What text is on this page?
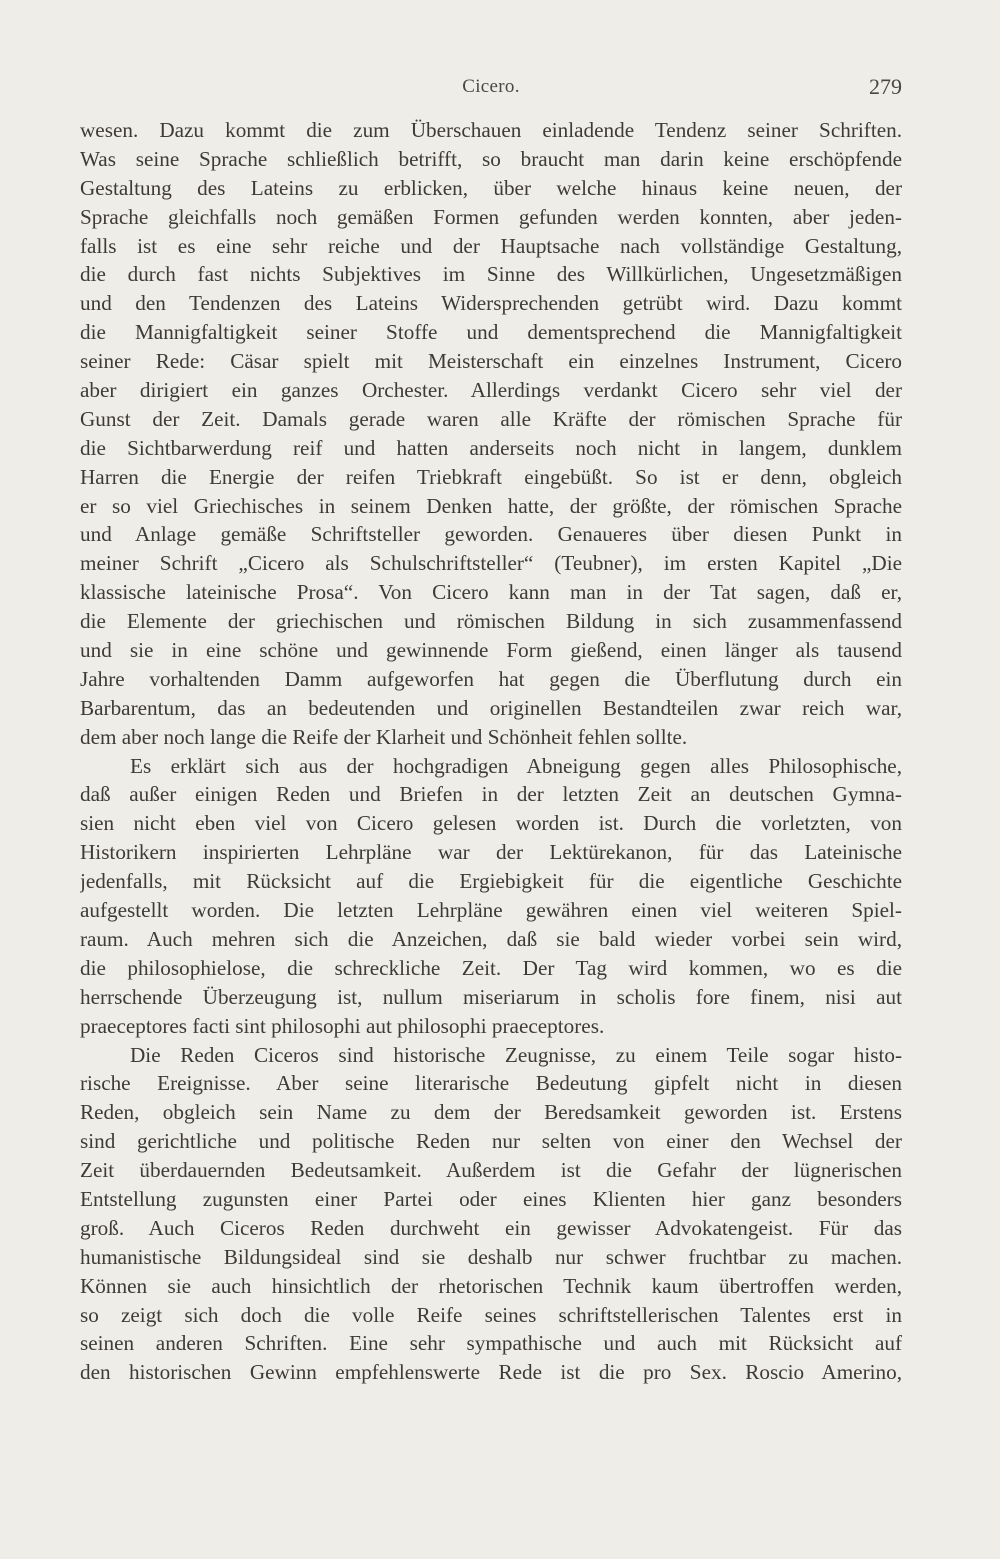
Cicero.	279
wesen. Dazu kommt die zum Überschauen einladende Tendenz seiner Schriften.
Was seine Sprache schließlich betrifft, so braucht man darin keine erschöpfende
Gestaltung des Lateins zu erblicken, über welche hinaus keine neuen, der
Sprache gleichfalls noch gemäßen Formen gefunden werden konnten, aber jeden-
falls ist es eine sehr reiche und der Hauptsache nach vollständige Gestaltung,
die durch fast nichts Subjektives im Sinne des Willkürlichen, Ungesetzmäßigen
und den Tendenzen des Lateins Widersprechenden getrübt wird. Dazu kommt
die Mannigfaltigkeit seiner Stoffe und dementsprechend die Mannigfaltigkeit
seiner Rede: Cäsar spielt mit Meisterschaft ein einzelnes Instrument, Cicero
aber dirigiert ein ganzes Orchester. Allerdings verdankt Cicero sehr viel der
Gunst der Zeit. Damals gerade waren alle Kräfte der römischen Sprache für
die Sichtbarwerdung reif und hatten anderseits noch nicht in langem, dunklem
Harren die Energie der reifen Triebkraft eingebüßt. So ist er denn, obgleich
er so viel Griechisches in seinem Denken hatte, der größte, der römischen Sprache
und Anlage gemäße Schriftsteller geworden. Genaueres über diesen Punkt in
meiner Schrift „Cicero als Schulschriftsteller“ (Teubner), im ersten Kapitel „Die
klassische lateinische Prosa“. Von Cicero kann man in der Tat sagen, daß er,
die Elemente der griechischen und römischen Bildung in sich zusammenfassend
und sie in eine schöne und gewinnende Form gießend, einen länger als tausend
Jahre vorhaltenden Damm aufgeworfen hat gegen die Überflutung durch ein
Barbarentum, das an bedeutenden und originellen Bestandteilen zwar reich war,
dem aber noch lange die Reife der Klarheit und Schönheit fehlen sollte.
Es erklärt sich aus der hochgradigen Abneigung gegen alles Philosophische,
daß außer einigen Reden und Briefen in der letzten Zeit an deutschen Gymna-
sien nicht eben viel von Cicero gelesen worden ist. Durch die vorletzten, von
Historikern inspirierten Lehrpläne war der Lektürekanon, für das Lateinische
jedenfalls, mit Rücksicht auf die Ergiebigkeit für die eigentliche Geschichte
aufgestellt worden. Die letzten Lehrpläne gewähren einen viel weiteren Spiel-
raum. Auch mehren sich die Anzeichen, daß sie bald wieder vorbei sein wird,
die philosophielose, die schreckliche Zeit. Der Tag wird kommen, wo es die
herrschende Überzeugung ist, nullum miseriarum in scholis fore finem, nisi aut
praeceptores facti sint philosophi aut philosophi praeceptores.
Die Reden Ciceros sind historische Zeugnisse, zu einem Teile sogar histo-
rische Ereignisse. Aber seine literarische Bedeutung gipfelt nicht in diesen
Reden, obgleich sein Name zu dem der Beredsamkeit geworden ist. Erstens
sind gerichtliche und politische Reden nur selten von einer den Wechsel der
Zeit überdauernden Bedeutsamkeit. Außerdem ist die Gefahr der lügnerischen
Entstellung zugunsten einer Partei oder eines Klienten hier ganz besonders
groß. Auch Ciceros Reden durchweht ein gewisser Advokatengeist. Für das
humanistische Bildungsideal sind sie deshalb nur schwer fruchtbar zu machen.
Können sie auch hinsichtlich der rhetorischen Technik kaum übertroffen werden,
so zeigt sich doch die volle Reife seines schriftstellerischen Talentes erst in
seinen anderen Schriften. Eine sehr sympathische und auch mit Rücksicht auf
den historischen Gewinn empfehlenswerte Rede ist die pro Sex. Roscio Amerino,
